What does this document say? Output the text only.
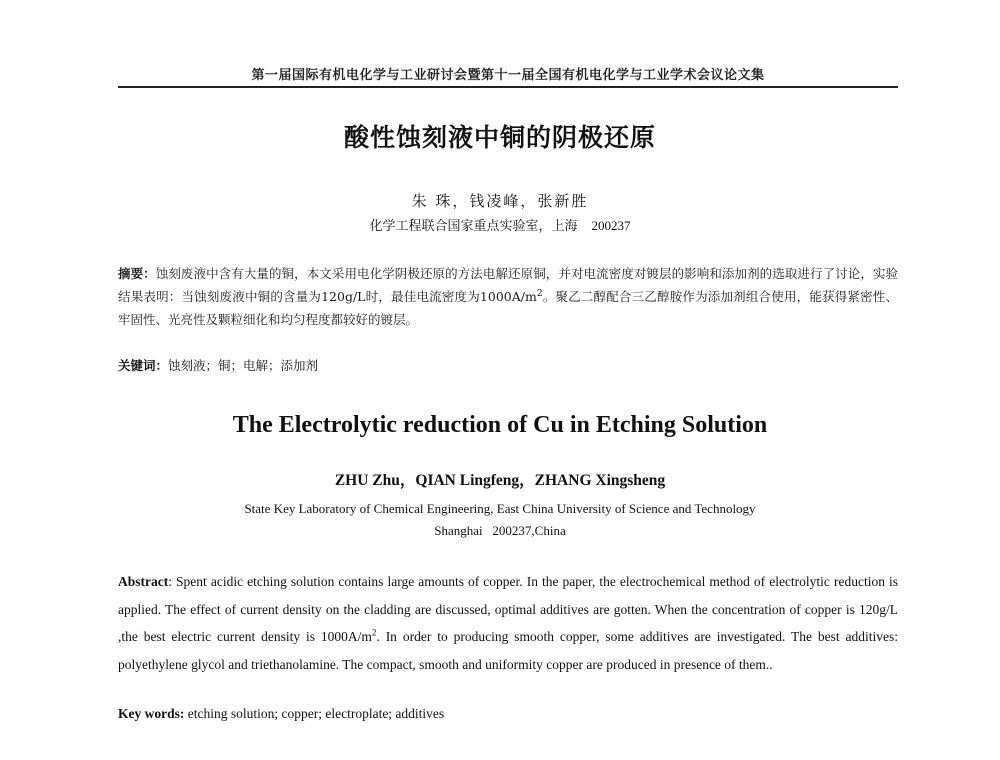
第一届国际有机电化学与工业研讨会暨第十一届全国有机电化学与工业学术会议论文集
酸性蚀刻液中铜的阴极还原
朱 珠，钱凌峰，张新胜
化学工程联合国家重点实验室，上海 200237
摘要：蚀刻废液中含有大量的铜，本文采用电化学阴极还原的方法电解还原铜，并对电流密度对镀层的影响和添加剂的选取进行了讨论，实验结果表明：当蚀刻废液中铜的含量为120g/L时，最佳电流密度为$1000A/m^2$。聚乙二醇配合三乙醇胺作为添加剂组合使用，能获得紧密性、牢固性、光亮性及颗粒细化和均匀程度都较好的镀层。
关键词：蚀刻液；铜；电解；添加剂
The Electrolytic reduction of Cu in Etching Solution
ZHU Zhu，QIAN Lingfeng，ZHANG Xingsheng
State Key Laboratory of Chemical Engineering, East China University of Science and Technology
Shanghai   200237,China
Abstract: Spent acidic etching solution contains large amounts of copper. In the paper, the electrochemical method of electrolytic reduction is applied. The effect of current density on the cladding are discussed, optimal additives are gotten. When the concentration of copper is 120g/L ,the best electric current density is $1000A/m^2$. In order to producing smooth copper, some additives are investigated. The best additives: polyethylene glycol and triethanolamine. The compact, smooth and uniformity copper are produced in presence of them..
Key words: etching solution; copper; electroplate; additives
